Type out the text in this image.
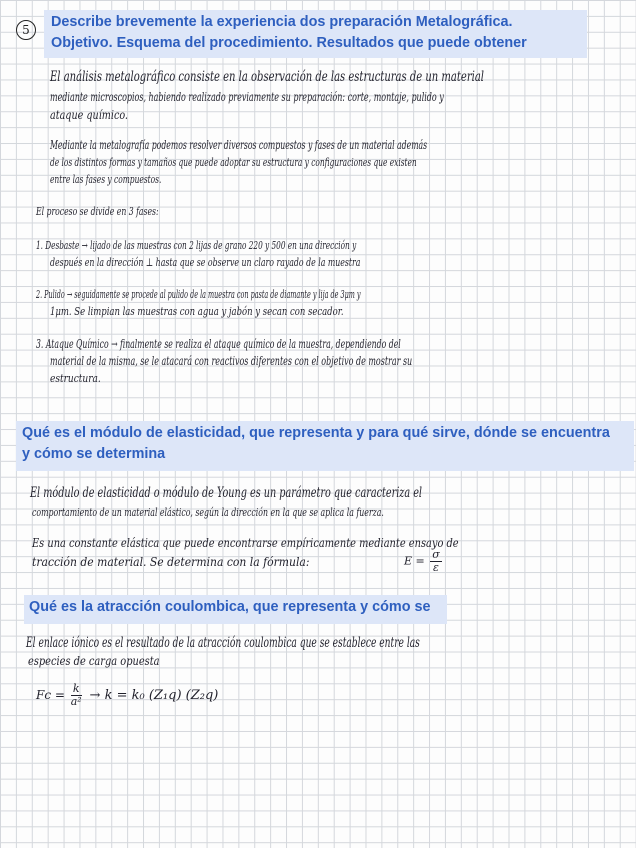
5	Describe brevemente la experiencia dos preparación Metalográfica.
Objetivo. Esquema del procedimiento. Resultados que puede obtener
El análisis metalográfico consiste en la observación de las estructuras de un material
mediante microscopios, habiendo realizado previamente su preparación: corte, montaje, pulido y
ataque químico.
Mediante la metalografía podemos resolver diversos compuestos y fases de un material además
de los distintos formas y tamaños que puede adoptar su estructura y configuraciones que existen
entre las fases y compuestos.
El proceso se divide en 3 fases:
1. Desbaste → lijado de las muestras con 2 lijas de grano 220 y 500 en una dirección y
después en la dirección ⊥ hasta que se observe un claro rayado de la muestra
2. Pulido → seguidamente se procede al pulido de la muestra con pasta de diamante y lija de 3μm y
1μm. Se limpian las muestras con agua y jabón y secan con secador.
3. Ataque Químico → finalmente se realiza el ataque químico de la muestra, dependiendo del
material de la misma, se le atacará con reactivos diferentes con el objetivo de mostrar su
estructura.
Qué es el módulo de elasticidad, que representa y para qué sirve, dónde se encuentra
y cómo se determina
El módulo de elasticidad o módulo de Young es un parámetro que caracteriza el
comportamiento de un material elástico, según la dirección en la que se aplica la fuerza.
Es una constante elástica que puede encontrarse empíricamente mediante ensayo de
tracción de material. Se determina con la fórmula:	$E = \frac{\sigma}{\varepsilon}$
Qué es la atracción coulombica, que representa y cómo se
El enlace iónico es el resultado de la atracción coulombica que se establece entre las
especies de carga opuesta
$Fc = \frac{k}{\text{a²}} \to k = k_0$ (Z₁q) (Z₂q)
